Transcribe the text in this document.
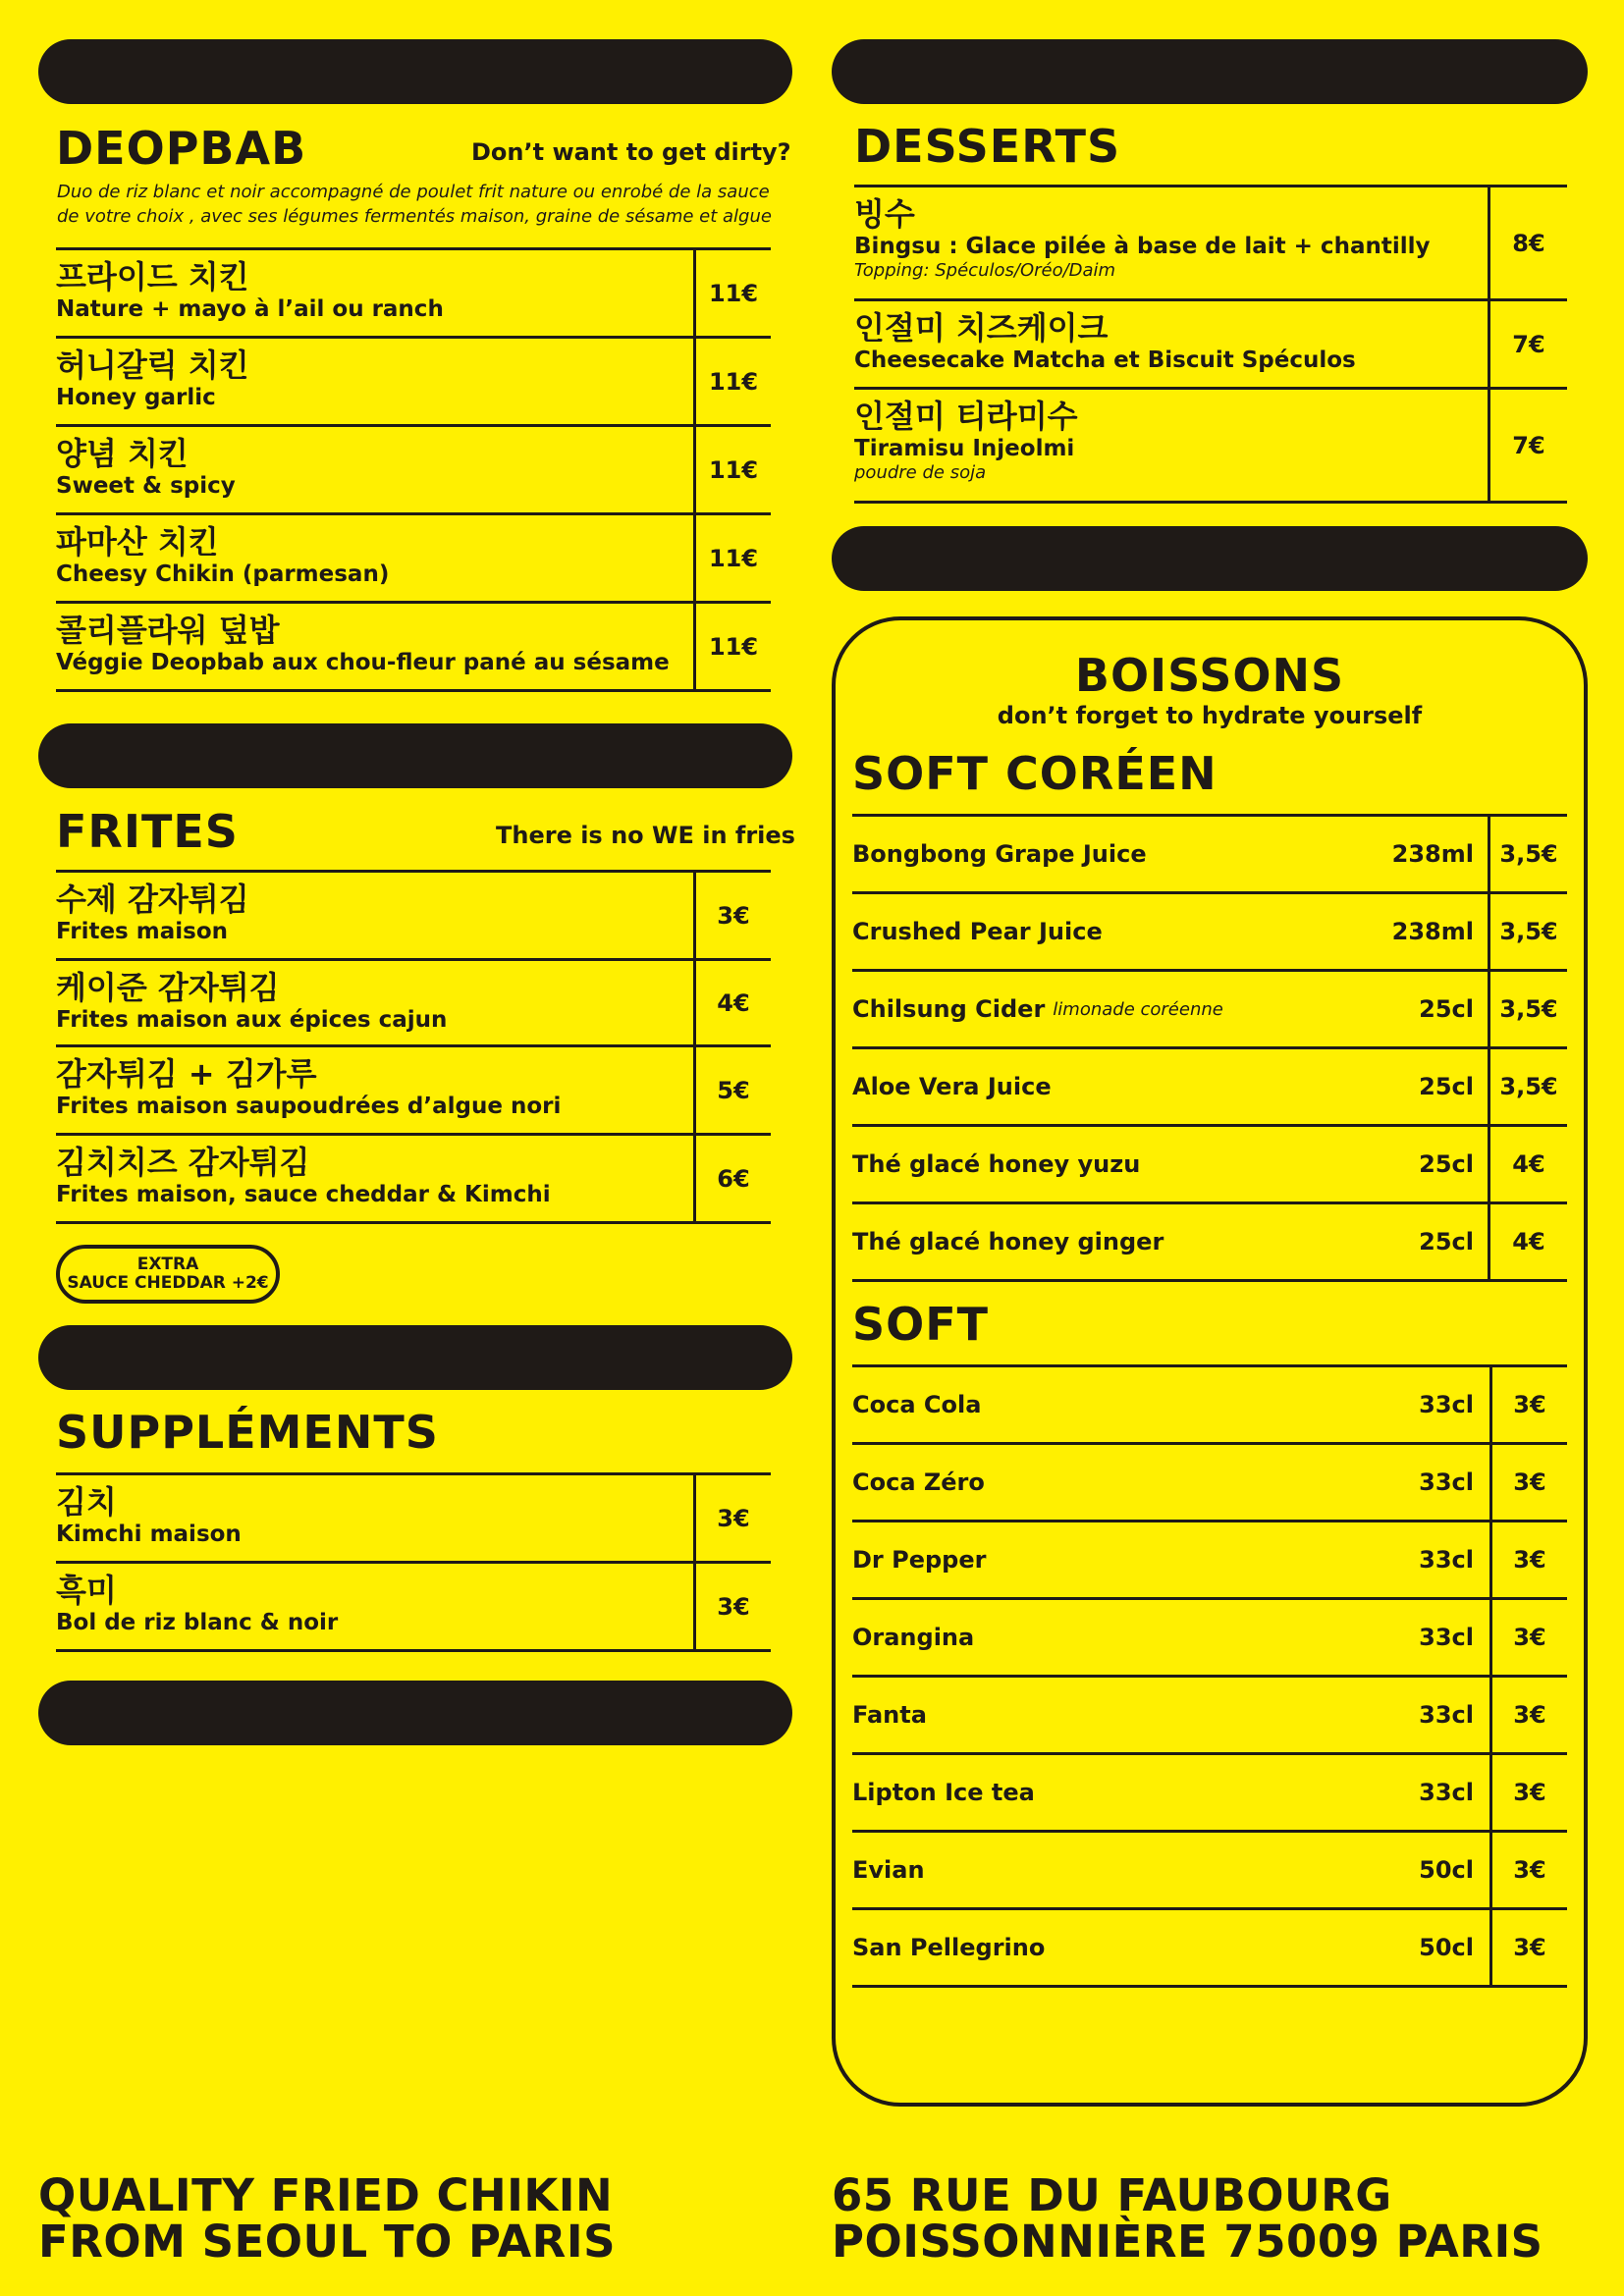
DEOPBAB	Don’t want to get dirty?
Duo de riz blanc et noir accompagné de poulet frit nature ou enrobé de la sauce de votre choix , avec ses légumes fermentés maison, graine de sésame et algue
프라이드 치킨
Nature + mayo à l’ail ou ranch
11€
허니갈릭 치킨
Honey garlic
11€
양념 치킨
Sweet & spicy
11€
파마산 치킨
Cheesy Chikin (parmesan)
11€
콜리플라워 덮밥
Véggie Deopbab aux chou-fleur pané au sésame
11€
FRITES	There is no WE in fries
수제 감자튀김
Frites maison
3€
케이준 감자튀김
Frites maison aux épices cajun
4€
감자튀김 + 김가루
Frites maison saupoudrées d’algue nori
5€
김치치즈 감자튀김
Frites maison, sauce cheddar & Kimchi
6€
EXTRA
SAUCE CHEDDAR +2€
SUPPLÉMENTS
김치
Kimchi maison
3€
흑미
Bol de riz blanc & noir
3€
DESSERTS
빙수
Bingsu : Glace pilée à base de lait + chantilly
Topping: Spéculos/Oréo/Daim
8€
인절미 치즈케이크
Cheesecake Matcha et Biscuit Spéculos
7€
인절미 티라미수
Tiramisu Injeolmi
poudre de soja
7€
BOISSONS
don’t forget to hydrate yourself
SOFT CORÉEN
Bongbong Grape Juice	238ml	3,5€
Crushed Pear Juice	238ml	3,5€
Chilsung Cider limonade coréenne	25cl	3,5€
Aloe Vera Juice	25cl	3,5€
Thé glacé honey yuzu	25cl	4€
Thé glacé honey ginger	25cl	4€
SOFT
Coca Cola	33cl	3€
Coca Zéro	33cl	3€
Dr Pepper	33cl	3€
Orangina	33cl	3€
Fanta	33cl	3€
Lipton Ice tea	33cl	3€
Evian	50cl	3€
San Pellegrino	50cl	3€
QUALITY FRIED CHIKIN
FROM SEOUL TO PARIS
65 RUE DU FAUBOURG
POISSONNIÈRE 75009 PARIS
